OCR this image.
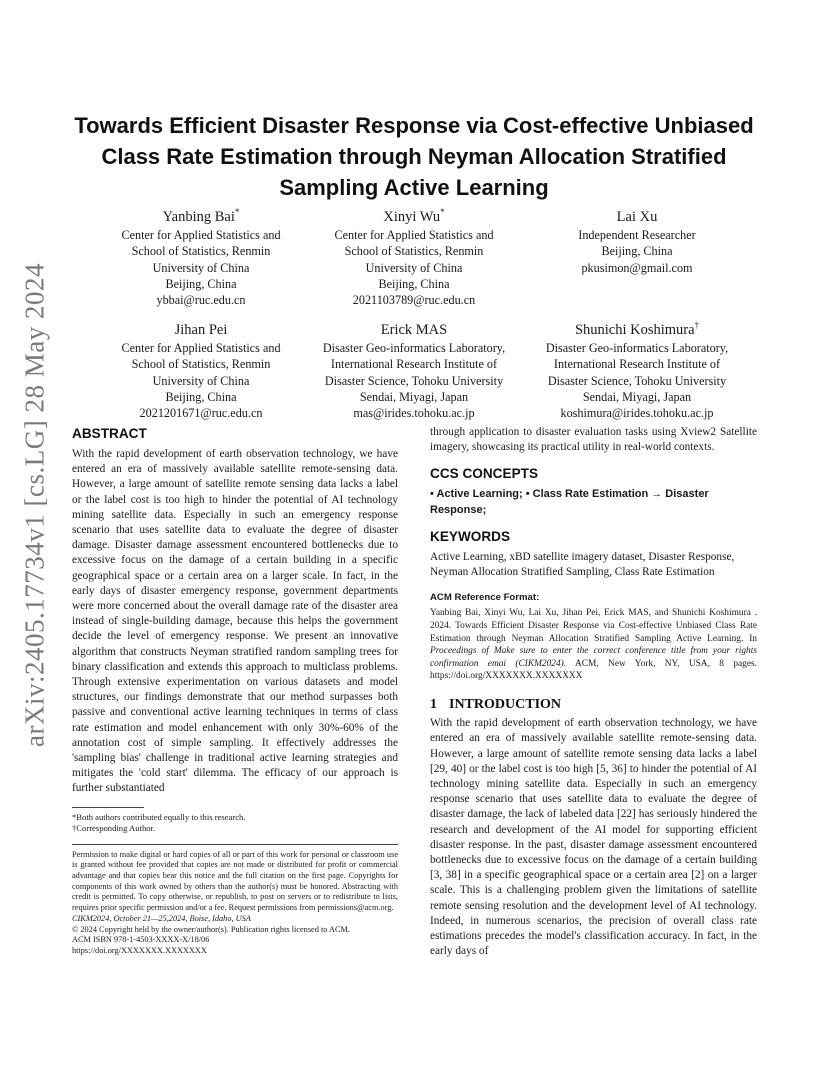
arXiv:2405.17734v1 [cs.LG] 28 May 2024
Towards Efficient Disaster Response via Cost-effective Unbiased Class Rate Estimation through Neyman Allocation Stratified Sampling Active Learning
Yanbing Bai*
Center for Applied Statistics and
School of Statistics, Renmin
University of China
Beijing, China
ybbai@ruc.edu.cn
Xinyi Wu*
Center for Applied Statistics and
School of Statistics, Renmin
University of China
Beijing, China
2021103789@ruc.edu.cn
Lai Xu
Independent Researcher
Beijing, China
pkusimon@gmail.com
Jihan Pei
Center for Applied Statistics and
School of Statistics, Renmin
University of China
Beijing, China
2021201671@ruc.edu.cn
Erick MAS
Disaster Geo-informatics Laboratory,
International Research Institute of
Disaster Science, Tohoku University
Sendai, Miyagi, Japan
mas@irides.tohoku.ac.jp
Shunichi Koshimura†
Disaster Geo-informatics Laboratory,
International Research Institute of
Disaster Science, Tohoku University
Sendai, Miyagi, Japan
koshimura@irides.tohoku.ac.jp
ABSTRACT

With the rapid development of earth observation technology, we have entered an era of massively available satellite remote-sensing data. However, a large amount of satellite remote sensing data lacks a label or the label cost is too high to hinder the potential of AI technology mining satellite data. Especially in such an emergency response scenario that uses satellite data to evaluate the degree of disaster damage. Disaster damage assessment encountered bottlenecks due to excessive focus on the damage of a certain building in a specific geographical space or a certain area on a larger scale. In fact, in the early days of disaster emergency response, government departments were more concerned about the overall damage rate of the disaster area instead of single-building damage, because this helps the government decide the level of emergency response. We present an innovative algorithm that constructs Neyman stratified random sampling trees for binary classification and extends this approach to multiclass problems. Through extensive experimentation on various datasets and model structures, our findings demonstrate that our method surpasses both passive and conventional active learning techniques in terms of class rate estimation and model enhancement with only 30%-60% of the annotation cost of simple sampling. It effectively addresses the 'sampling bias' challenge in traditional active learning strategies and mitigates the 'cold start' dilemma. The efficacy of our approach is further substantiated

*Both authors contributed equally to this research.
†Corresponding Author.
Permission to make digital or hard copies of all or part of this work for personal or classroom use is granted without fee provided that copies are not made or distributed for profit or commercial advantage and that copies bear this notice and the full citation on the first page. Copyrights for components of this work owned by others than the author(s) must be honored. Abstracting with credit is permitted. To copy otherwise, or republish, to post on servers or to redistribute to lists, requires prior specific permission and/or a fee. Request permissions from permissions@acm.org.
CIKM2024, October 21—25,2024, Boise, Idaho, USA
© 2024 Copyright held by the owner/author(s). Publication rights licensed to ACM.
ACM ISBN 978-1-4503-XXXX-X/18/06
https://doi.org/XXXXXXX.XXXXXXX

through application to disaster evaluation tasks using Xview2 Satellite imagery, showcasing its practical utility in real-world contexts.

CCS CONCEPTS

• Active Learning; • Class Rate Estimation → Disaster Response;

KEYWORDS

Active Learning, xBD satellite imagery dataset, Disaster Response, Neyman Allocation Stratified Sampling, Class Rate Estimation

ACM Reference Format:
Yanbing Bai, Xinyi Wu, Lai Xu, Jihan Pei, Erick MAS, and Shunichi Koshimura . 2024. Towards Efficient Disaster Response via Cost-effective Unbiased Class Rate Estimation through Neyman Allocation Stratified Sampling Active Learning. In Proceedings of Make sure to enter the correct conference title from your rights confirmation emai (CIKM2024). ACM, New York, NY, USA, 8 pages. https://doi.org/XXXXXXX.XXXXXXX
1 INTRODUCTION

With the rapid development of earth observation technology, we have entered an era of massively available satellite remote-sensing data. However, a large amount of satellite remote sensing data lacks a label [29, 40] or the label cost is too high [5, 36] to hinder the potential of AI technology mining satellite data. Especially in such an emergency response scenario that uses satellite data to evaluate the degree of disaster damage, the lack of labeled data [22] has seriously hindered the research and development of the AI model for supporting efficient disaster response. In the past, disaster damage assessment encountered bottlenecks due to excessive focus on the damage of a certain building [3, 38] in a specific geographical space or a certain area [2] on a larger scale. This is a challenging problem given the limitations of satellite remote sensing resolution and the development level of AI technology. Indeed, in numerous scenarios, the precision of overall class rate estimations precedes the model's classification accuracy. In fact, in the early days of
